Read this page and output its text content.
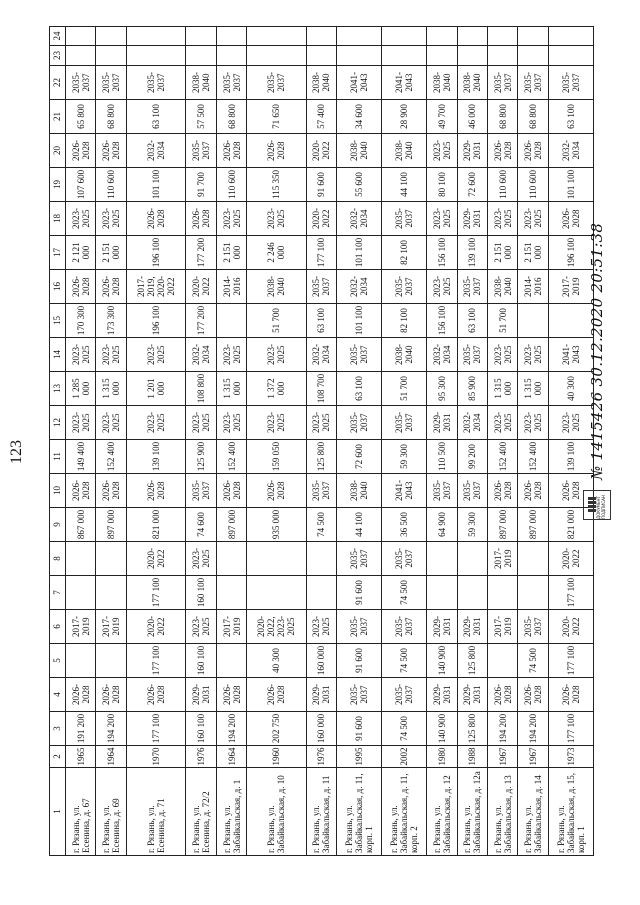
123
1	2	3	4	5	6	7	8	9	10	11	12	13	14	15	16	17	18	19	20	21	22	23	24
г. Рязань, ул. Есенина, д. 67	1965	191 200	2026-2028		2017-2019			867 000	2026-2028	149 400	2023-2025	1 285 000	2023-2025	170 300	2026-2028	2 121 000	2023-2025	107 600	2026-2028	65 800	2035-2037		
г. Рязань, ул. Есенина, д. 69	1964	194 200	2026-2028		2017-2019			897 000	2026-2028	152 400	2023-2025	1 315 000	2023-2025	173 300	2026-2028	2 151 000	2023-2025	110 600	2026-2028	68 800	2035-2037		
г. Рязань, ул. Есенина, д. 71	1970	177 100	2026-2028	177 100	2020-2022	177 100	2020-2022	821 000	2026-2028	139 100	2023-2025	1 201 000	2023-2025	196 100	2017-2019, 2020-2022	196 100	2026-2028	101 100	2032-2034	63 100	2035-2037		
г. Рязань, ул. Есенина, д. 72/2	1976	160 100	2029-2031	160 100	2023-2025	160 100	2023-2025	74 600	2035-2037	125 900	2023-2025	108 800	2032-2034	177 200	2020-2022	177 200	2026-2028	91 700	2035-2037	57 500	2038-2040		
г. Рязань, ул. Забайкальская, д. 1	1964	194 200	2026-2028		2017-2019			897 000	2026-2028	152 400	2023-2025	1 315 000	2023-2025		2014-2016	2 151 000	2023-2025	110 600	2026-2028	68 800	2035-2037		
г. Рязань, ул. Забайкальская, д. 10	1960	202 750	2026-2028	40 300	2020-2022, 2023-2025			935 000	2026-2028	159 050	2023-2025	1 372 000	2023-2025	51 700	2038-2040	2 246 000	2023-2025	115 350	2026-2028	71 650	2035-2037		
г. Рязань, ул. Забайкальская, д. 11	1976	160 000	2029-2031	160 000	2023-2025			74 500	2035-2037	125 800	2023-2025	108 700	2032-2034	63 100	2035-2037	177 100	2020-2022	91 600	2020-2022	57 400	2038-2040		
г. Рязань, ул. Забайкальская, д. 11, корп. 1	1995	91 600	2035-2037	91 600	2035-2037	91 600	2035-2037	44 100	2038-2040	72 600	2035-2037	63 100	2035-2037	101 100	2032-2034	101 100	2032-2034	55 600	2038-2040	34 600	2041-2043		
г. Рязань, ул. Забайкальская, д. 11, корп. 2	2002	74 500	2035-2037	74 500	2035-2037	74 500	2035-2037	36 500	2041-2043	59 300	2035-2037	51 700	2038-2040	82 100	2035-2037	82 100	2035-2037	44 100	2038-2040	28 900	2041-2043		
г. Рязань, ул. Забайкальская, д. 12	1980	140 900	2029-2031	140 900	2029-2031			64 900	2035-2037	110 500	2029-2031	95 300	2032-2034	156 100	2023-2025	156 100	2023-2025	80 100	2023-2025	49 700	2038-2040		
г. Рязань, ул. Забайкальская, д. 12а	1988	125 800	2029-2031	125 800	2029-2031			59 300	2035-2037	99 200	2032-2034	85 900	2035-2037	63 100	2035-2037	139 100	2029-2031	72 600	2029-2031	46 000	2038-2040		
г. Рязань, ул. Забайкальская, д. 13	1967	194 200	2026-2028		2017-2019		2017-2019	897 000	2026-2028	152 400	2023-2025	1 315 000	2023-2025	51 700	2038-2040	2 151 000	2023-2025	110 600	2026-2028	68 800	2035-2037		
г. Рязань, ул. Забайкальская, д. 14	1967	194 200	2026-2028	74 500	2035-2037			897 000	2026-2028	152 400	2023-2025	1 315 000	2023-2025		2014-2016	2 151 000	2023-2025	110 600	2026-2028	68 800	2035-2037		
г. Рязань, ул. Забайкальская, д. 15, корп. 1	1973	177 100	2026-2028	177 100	2020-2022	177 100	2020-2022	821 000	2026-2028	139 100	2023-2025	40 300	2041-2043		2017-2019	196 100	2026-2028	101 100	2032-2034	63 100	2035-2037		
ДОКУМЕНТ ПОДПИСАН
№ 1415426 30.12.2020 20:51:38
